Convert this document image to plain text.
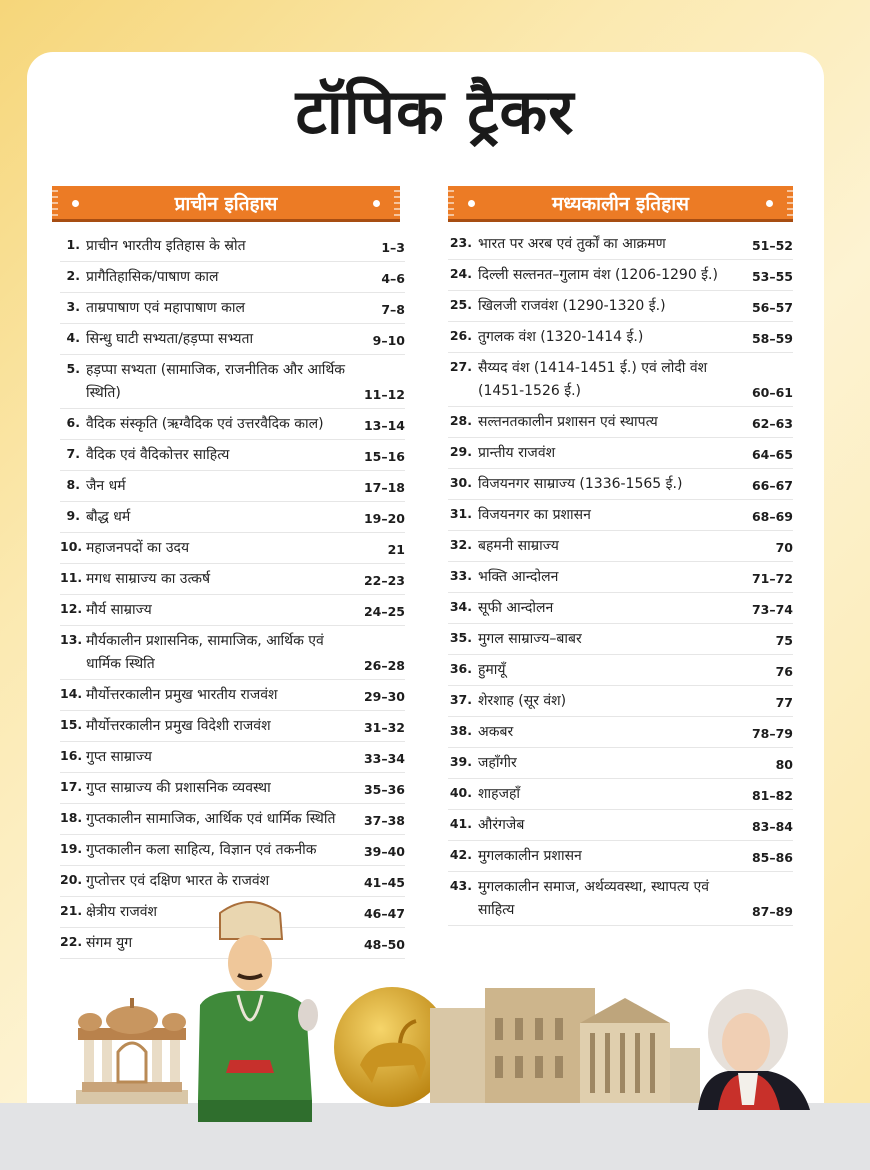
टॉपिक ट्रैकर
प्राचीन इतिहास	मध्यकालीन इतिहास
1. प्राचीन भारतीय इतिहास के स्रोत	1–3
2. प्रागैतिहासिक/पाषाण काल	4–6
3. ताम्रपाषाण एवं महापाषाण काल	7–8
4. सिन्धु घाटी सभ्यता/हड़प्पा सभ्यता	9–10
5. हड़प्पा सभ्यता (सामाजिक, राजनीतिक और आर्थिक स्थिति)	11–12
6. वैदिक संस्कृति (ऋग्वैदिक एवं उत्तरवैदिक काल)	13–14
7. वैदिक एवं वैदिकोत्तर साहित्य	15–16
8. जैन धर्म	17–18
9. बौद्ध धर्म	19–20
10. महाजनपदों का उदय	21
11. मगध साम्राज्य का उत्कर्ष	22–23
12. मौर्य साम्राज्य	24–25
13. मौर्यकालीन प्रशासनिक, सामाजिक, आर्थिक एवं धार्मिक स्थिति	26–28
14. मौर्योत्तरकालीन प्रमुख भारतीय राजवंश	29–30
15. मौर्योत्तरकालीन प्रमुख विदेशी राजवंश	31–32
16. गुप्त साम्राज्य	33–34
17. गुप्त साम्राज्य की प्रशासनिक व्यवस्था	35–36
18. गुप्तकालीन सामाजिक, आर्थिक एवं धार्मिक स्थिति	37–38
19. गुप्तकालीन कला साहित्य, विज्ञान एवं तकनीक	39–40
20. गुप्तोत्तर एवं दक्षिण भारत के राजवंश	41–45
21. क्षेत्रीय राजवंश	46–47
22. संगम युग	48–50
23. भारत पर अरब एवं तुर्कों का आक्रमण	51–52
24. दिल्ली सल्तनत–गुलाम वंश (1206-1290 ई.)	53–55
25. खिलजी राजवंश (1290-1320 ई.)	56–57
26. तुगलक वंश (1320-1414 ई.)	58–59
27. सैय्यद वंश (1414-1451 ई.) एवं लोदी वंश (1451-1526 ई.)	60–61
28. सल्तनतकालीन प्रशासन एवं स्थापत्य	62–63
29. प्रान्तीय राजवंश	64–65
30. विजयनगर साम्राज्य (1336-1565 ई.)	66–67
31. विजयनगर का प्रशासन	68–69
32. बहमनी साम्राज्य	70
33. भक्ति आन्दोलन	71–72
34. सूफी आन्दोलन	73–74
35. मुगल साम्राज्य–बाबर	75
36. हुमायूँ	76
37. शेरशाह (सूर वंश)	77
38. अकबर	78–79
39. जहाँगीर	80
40. शाहजहाँ	81–82
41. औरंगजेब	83–84
42. मुगलकालीन प्रशासन	85–86
43. मुगलकालीन समाज, अर्थव्यवस्था, स्थापत्य एवं साहित्य	87–89
